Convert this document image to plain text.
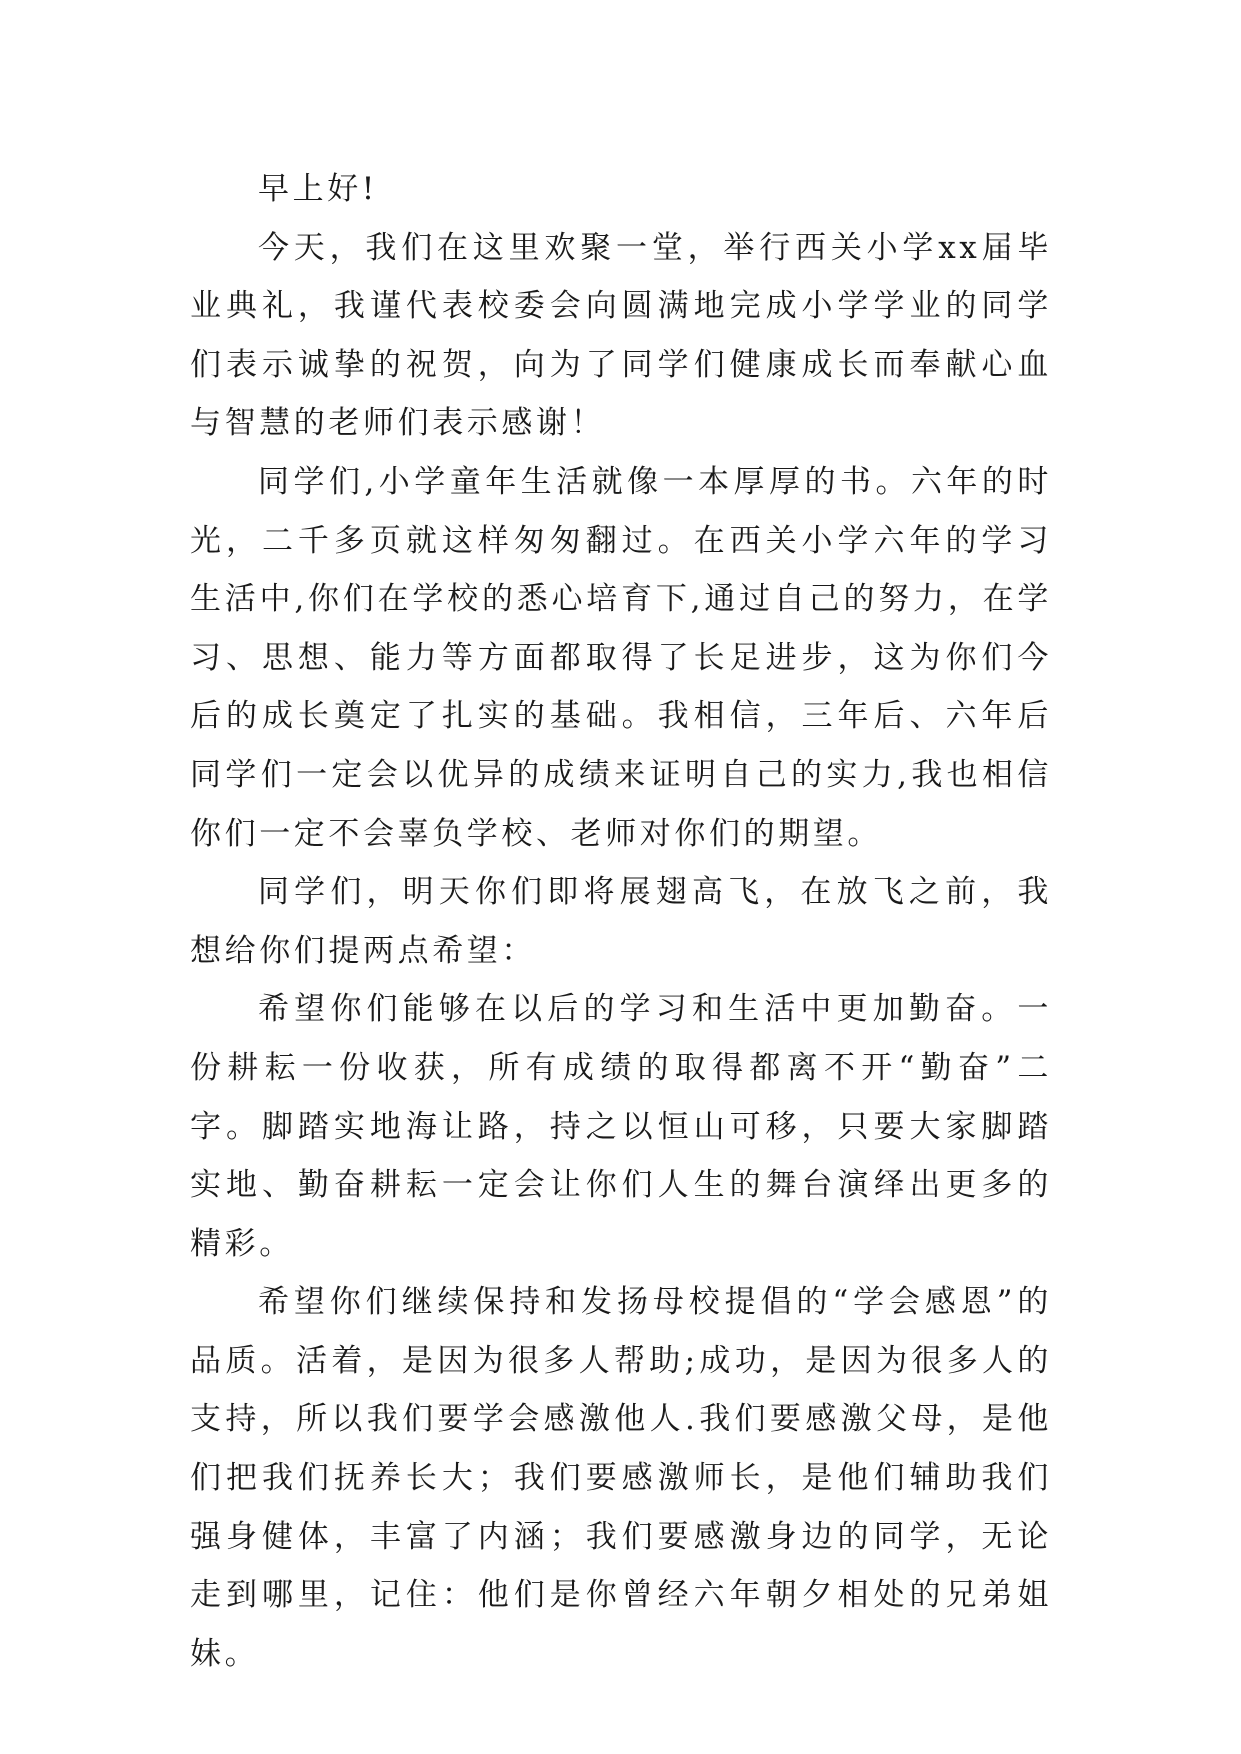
早上好!

今天，我们在这里欢聚一堂，举行西关小学xx届毕业典礼，我谨代表校委会向圆满地完成小学学业的同学们表示诚挚的祝贺，向为了同学们健康成长而奉献心血与智慧的老师们表示感谢！

同学们,小学童年生活就像一本厚厚的书。六年的时光，二千多页就这样匆匆翻过。在西关小学六年的学习生活中,你们在学校的悉心培育下,通过自己的努力，在学习、思想、能力等方面都取得了长足进步，这为你们今后的成长奠定了扎实的基础。我相信，三年后、六年后同学们一定会以优异的成绩来证明自己的实力,我也相信你们一定不会辜负学校、老师对你们的期望。

同学们，明天你们即将展翅高飞，在放飞之前，我想给你们提两点希望：

希望你们能够在以后的学习和生活中更加勤奋。一份耕耘一份收获，所有成绩的取得都离不开“勤奋”二字。脚踏实地海让路，持之以恒山可移，只要大家脚踏实地、勤奋耕耘一定会让你们人生的舞台演绎出更多的精彩。

希望你们继续保持和发扬母校提倡的“学会感恩”的品质。活着，是因为很多人帮助;成功，是因为很多人的支持，所以我们要学会感激他人.我们要感激父母，是他们把我们抚养长大；我们要感激师长，是他们辅助我们强身健体，丰富了内涵；我们要感激身边的同学，无论走到哪里，记住：他们是你曾经六年朝夕相处的兄弟姐妹。
